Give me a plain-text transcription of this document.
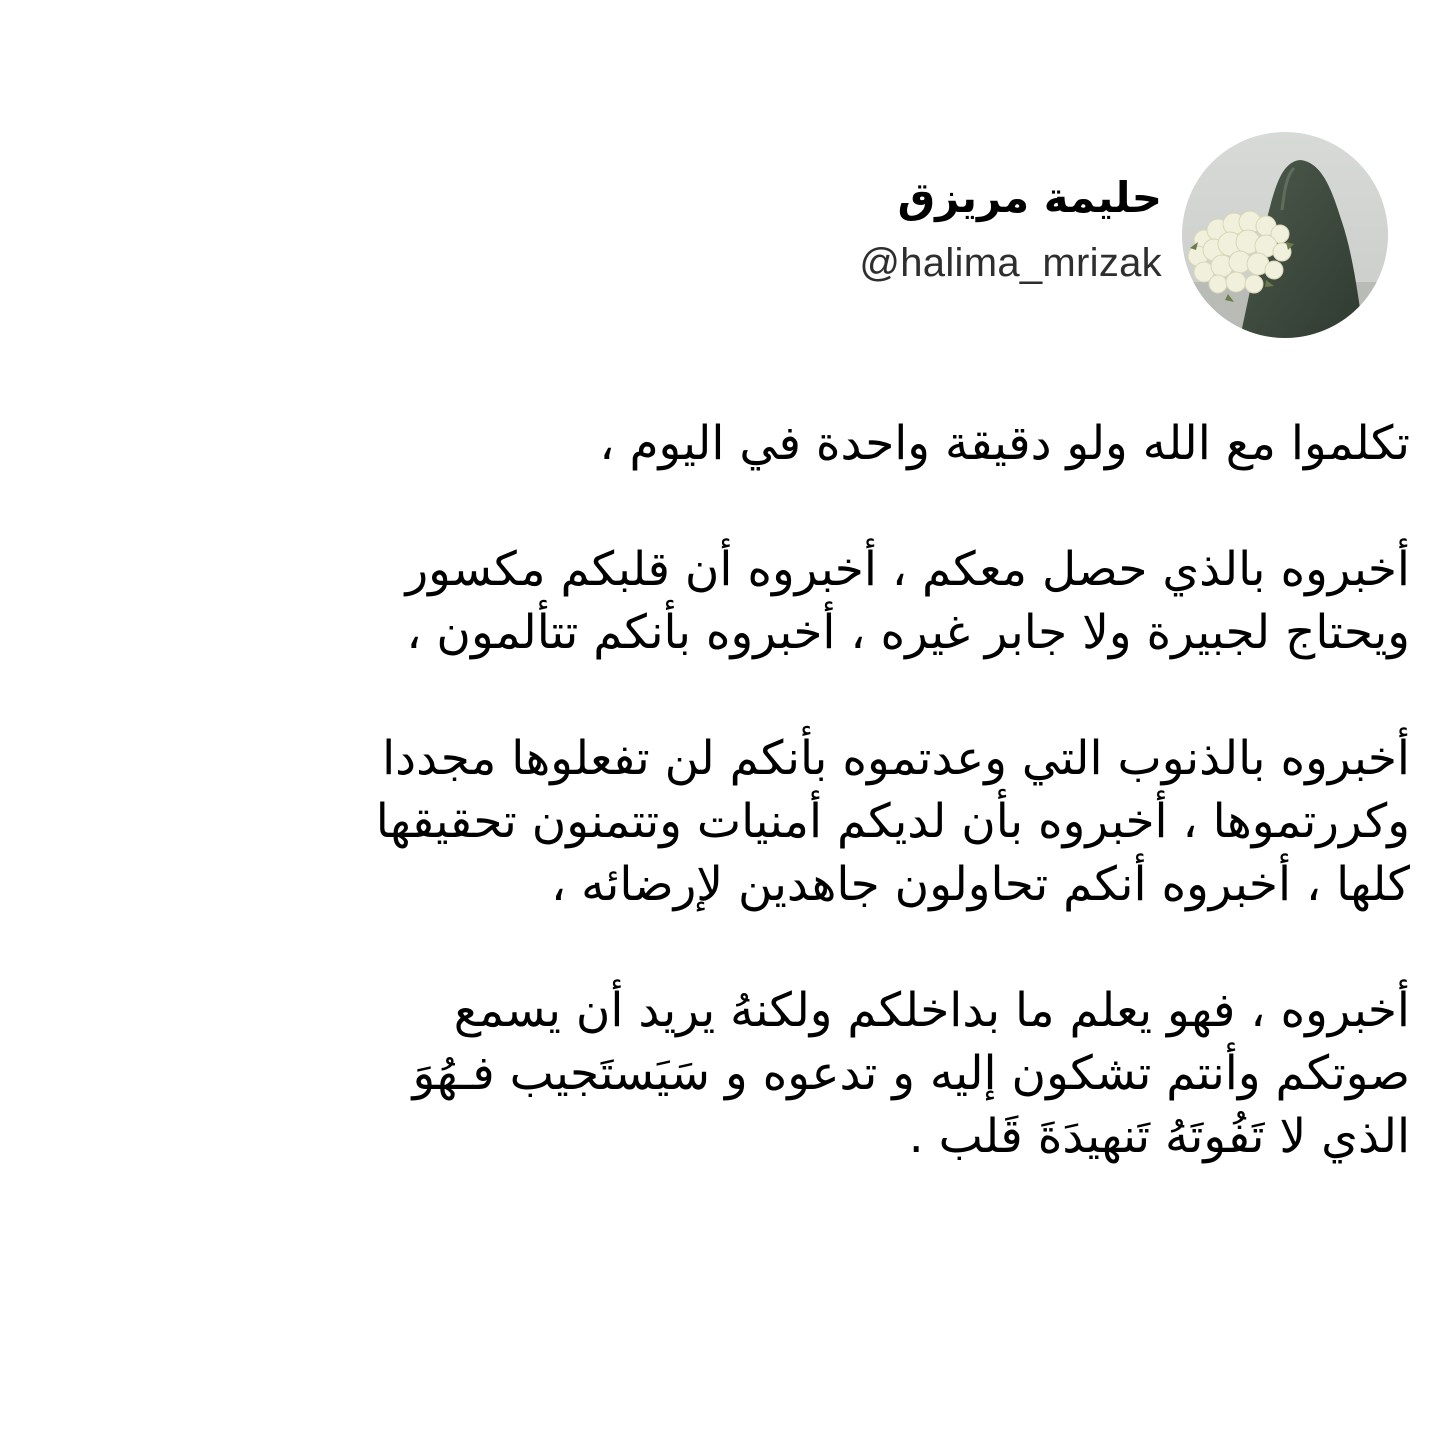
حليمة مريزق
@halima_mrizak
تكلموا مع الله ولو دقيقة واحدة في اليوم ،
أخبروه بالذي حصل معكم ، أخبروه أن قلبكم مكسور
ويحتاج لجبيرة ولا جابر غيره ، أخبروه بأنكم تتألمون ،
أخبروه بالذنوب التي وعدتموه بأنكم لن تفعلوها مجددا
وكررتموها ، أخبروه بأن لديكم أمنيات وتتمنون تحقيقها
كلها ، أخبروه أنكم تحاولون جاهدين لإرضائه ،
أخبروه ، فهو يعلم ما بداخلكم ولكنهُ يريد أن يسمع
صوتكم وأنتم تشكون إليه و تدعوه و سَيَستَجيب فـهُوَ
الذي لا تَفُوتَهُ تَنهيدَةَ قَلب .
